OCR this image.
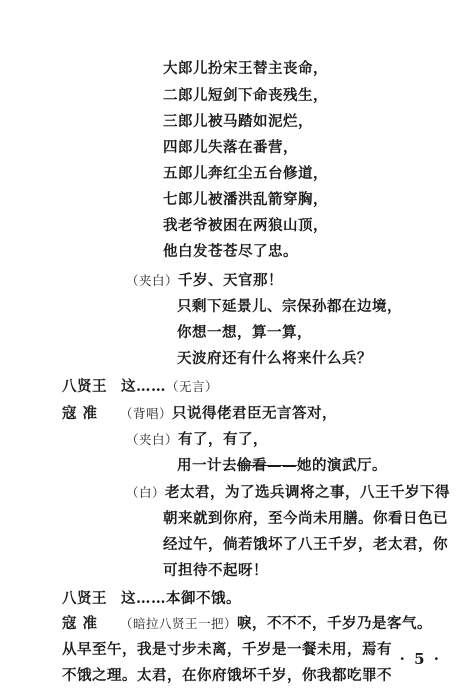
大郎儿扮宋王替主丧命，
二郎儿短剑下命丧残生，
三郎儿被马踏如泥烂，
四郎儿失落在番营，
五郎儿奔红尘五台修道，
七郎儿被潘洪乱箭穿胸，
我老爷被困在两狼山顶，
他白发苍苍尽了忠。
（夹白）千岁、天官那！
只剩下延景儿、宗保孙都在边境，
你想一想，算一算，
天波府还有什么将来什么兵？
八贤王 这……（无言）
寇 准 （背唱）只说得佬君臣无言答对，
（夹白）有了，有了，
用一计去偷看——她的演武厅。
（白）老太君，为了选兵调将之事，八王千岁下得
朝来就到你府，至今尚未用膳。你看日色已
经过午，倘若饿坏了八王千岁，老太君，你
可担待不起呀！
八贤王 这……本御不饿。
寇 准 （暗拉八贤王一把）唳，不不不，千岁乃是客气。
从早至午，我是寸步未离，千岁是一餐未用，焉有
不饿之理。太君，在你府饿坏千岁，你我都吃罪不
· 5 ·
